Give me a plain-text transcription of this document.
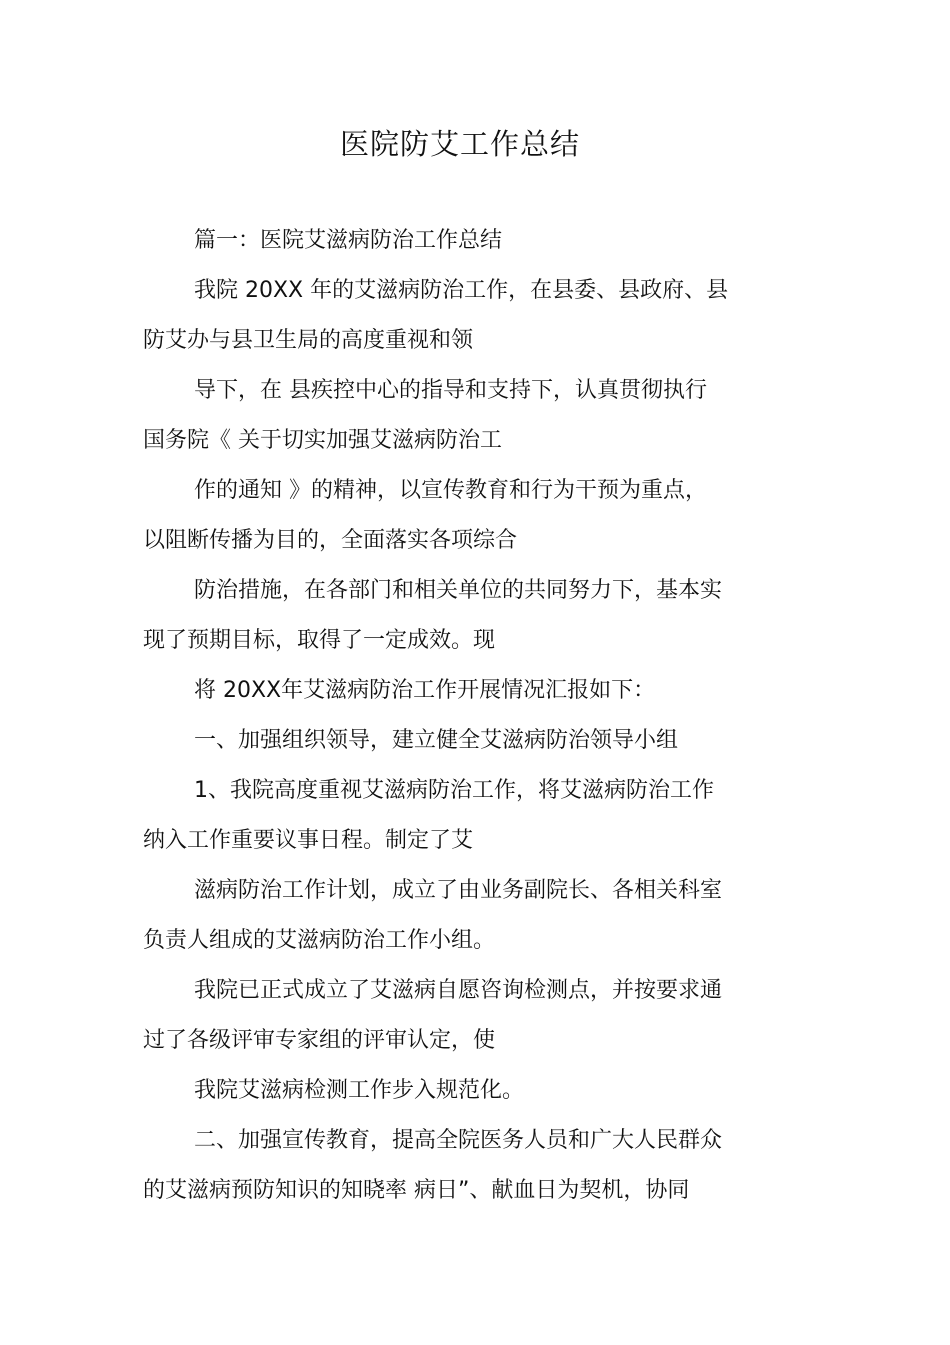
医院防艾工作总结
篇一：医院艾滋病防治工作总结
我院 20XX 年的艾滋病防治工作，在县委、县政府、县
防艾办与县卫生局的高度重视和领
导下，在 县疾控中心的指导和支持下，认真贯彻执行
国务院《 关于切实加强艾滋病防治工
作的通知 》的精神，以宣传教育和行为干预为重点，
以阻断传播为目的，全面落实各项综合
防治措施，在各部门和相关单位的共同努力下，基本实
现了预期目标，取得了一定成效。现
将 20XX年艾滋病防治工作开展情况汇报如下：
一、加强组织领导，建立健全艾滋病防治领导小组
1、我院高度重视艾滋病防治工作，将艾滋病防治工作
纳入工作重要议事日程。制定了艾
滋病防治工作计划，成立了由业务副院长、各相关科室
负责人组成的艾滋病防治工作小组。
我院已正式成立了艾滋病自愿咨询检测点，并按要求通
过了各级评审专家组的评审认定，使
我院艾滋病检测工作步入规范化。
二、加强宣传教育，提高全院医务人员和广大人民群众
的艾滋病预防知识的知晓率 病日”、献血日为契机，协同
